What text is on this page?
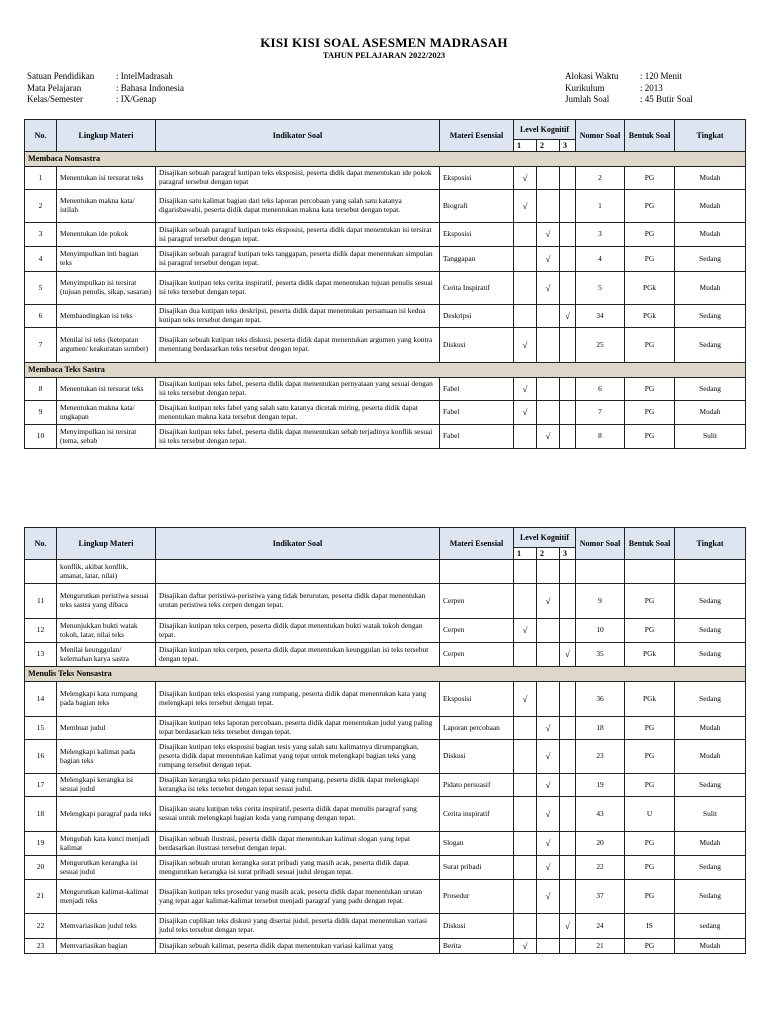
KISI KISI SOAL ASESMEN MADRASAH
TAHUN PELAJARAN 2022/2023
Satuan Pendidikan	: IntelMadrasah
Mata Pelajaran	: Bahasa Indonesia
Kelas/Semester	: IX/Genap
Alokasi Waktu	: 120 Menit
Kurikulum	: 2013
Jumlah Soal	: 45 Butir Soal
No.	Lingkup Materi	Indikator Soal	Materi Esensial	Level Kognitif			Nomor Soal	Bentuk Soal	Tingkat
				1	2	3			
Membaca Nonsastra									
1	Menentukan isi tersurat teks	Disajikan sebuah paragraf kutipan teks eksposisi, peserta didik dapat menentukan ide pokok paragraf tersebut dengan tepat	Eksposisi	√			2	PG	Mudah
2	Menentukan makna kata/ istilah	Disajikan satu kalimat bagian dari teks laporan percobaan yang salah satu katanya digarisbawahi, peserta didik dapat menentukan makna kata tersebut dengan tepat.	Biografi	√			1	PG	Mudah
3	Menentukan ide pokok	Disajikan sebuah paragraf kutipan teks eksposisi, peserta didik dapat menentukan isi tersirat isi paragraf tersebut dengan tepat.	Eksposisi		√		3	PG	Mudah
4	Menyimpulkan inti bagian teks	Disajikan sebuah paragraf kutipan teks tanggapan, peserta didik dapat menentukan simpulan isi paragraf tersebut dengan tepat.	Tanggapan		√		4	PG	Sedang
5	Menyimpulkan isi tersirat (tujuan penulis, sikap, sasaran)	Disajikan kutipan teks cerita inspiratif, peserta didik dapat menentukan tujuan penulis sesuai isi teks tersebut dengan tepat.	Cerita Inspiratif		√		5	PGk	Mudah
6	Membandingkan isi teks	Disajikan dua kutipan teks deskripsi, peserta didik dapat menentukan persamaan isi kedua kutipan teks tersebut dengan tepat.	Deskripsi			√	34	PGk	Sedang
7	Menilai isi teks (ketepatan argumen/ keakuratan sumber)	Disajikan sebuah kutipan teks diskusi, peserta didik dapat menentukan argumen yang kontra menentang berdasarkan teks tersebut dengan tepat.	Diskusi	√			25	PG	Sedang
Membaca Teks Sastra									
8	Menentukan isi tersurat teks	Disajikan kutipan teks fabel, peserta didik dapat menentukan pernyataan yang sesuai dengan isi teks tersebut dengan tepat.	Fabel	√			6	PG	Sedang
9	Menentukan makna kata/ ungkapan	Disajikan kutipan teks fabel yang salah satu katanya dicetak miring, peserta didik dapat menentukan makna kata tersebut dengan tepat.	Fabel	√			7	PG	Mudah
10	Menyimpulkan isi tersirat (tema, sebab	Disajikan kutipan teks fabel, peserta didik dapat menentukan sebab terjadinya konflik sesuai isi teks tersebut dengan tepat.	Fabel		√		8	PG	Sulit
No.	Lingkup Materi	Indikator Soal	Materi Esensial	Level Kognitif			Nomor Soal	Bentuk Soal	Tingkat
				1	2	3			
	konflik, akibat konflik, amanat, latar, nilai)								
11	Mengurutkan peristiwa sesuai teks sastra yang dibaca	Disajikan daftar peristiwa-peristiwa yang tidak berurutan, peserta didik dapat menentukan urutan peristiwa teks cerpen dengan tepat.	Cerpen		√		9	PG	Sedang
12	Menunjukkan bukti watak tokoh, latar, nilai teks	Disajikan kutipan teks cerpen, peserta didik dapat menentukan bukti watak tokoh dengan tepat.	Cerpen	√			10	PG	Sedang
13	Menilai keunggulan/ kelemahan karya sastra	Disajikan kutipan teks cerpen, peserta didik dapat menentukan keunggulan isi teks tersebut dengan tepat.	Cerpen			√	35	PGk	Sedang
Menulis Teks Nonsastra									
14	Melengkapi kata rumpang pada bagian teks	Disajikan kutipan teks eksposisi yang rumpang, peserta didik dapat menentukan kata yang melengkapi teks tersebut dengan tepat.	Eksposisi	√			36	PGk	Sedang
15	Membuat judul	Disajikan kutipan teks laporan percobaan, peserta didik dapat menentukan judul yang paling tepat berdasarkan teks tersebut dengan tepat.	Laporan percobaan		√		18	PG	Mudah
16	Melengkapi kalimat pada bagian teks	Disajikan kutipan teks eksposisi bagian tesis yang salah satu kalimatnya dirumpangkan, peserta didik dapat menentukan kalimat yang tepat untuk melengkapi bagian teks yang rumpang tersebut dengan tepat.	Diskusi		√		23	PG	Mudah
17	Melengkapi kerangka isi sesuai judul	Disajikan kerangka teks pidato persuasif yang rumpang, peserta didik dapat melengkapi kerangka isi teks tersebut dengan tepat sesuai judul.	Pidato persuasif		√		19	PG	Sedang
18	Melengkapi paragraf pada teks	Disajikan suatu kutipan teks cerita inspiratif, peserta didik dapat menulis paragraf yang sesuai untuk melengkapi bagian koda yang rumpang dengan tepat.	Cerita inspiratif		√		43	U	Sulit
19	Mengubah kata kunci menjadi kalimat	Disajikan sebuah ilustrasi, peserta didik dapat menentukan kalimat slogan yang tepat berdasarkan ilustrasi tersebut dengan tepat.	Slogan		√		20	PG	Mudah
20	Mengurutkan kerangka isi sesuai judul	Disajikan sebuah urutan kerangka surat pribadi yang masih acak, peserta didik dapat mengurutkan kerangka isi surat pribadi sesuai judul dengan tepat.	Surat pribadi		√		22	PG	Sedang
21	Mengurutkan kalimat-kalimat menjadi teks	Disajikan kutipan teks prosedur yang masih acak, peserta didik dapat menentukan urutan yang tepat agar kalimat-kalimat tersebut menjadi paragraf yang padu dengan tepat.	Prosedur		√		37	PG	Sedang
22	Memvariasikan judul teks	Disajikan cuplikan teks diskusi yang disertai judul, peserta didik dapat menentukan variasi judul teks tersebut dengan tepat.	Diskusi			√	24	IS	sedang
23	Memvariasikan bagian	Disajikan sebuah kalimat, peserta didik dapat menentukan variasi kalimat yang	Berita	√			21	PG	Mudah
